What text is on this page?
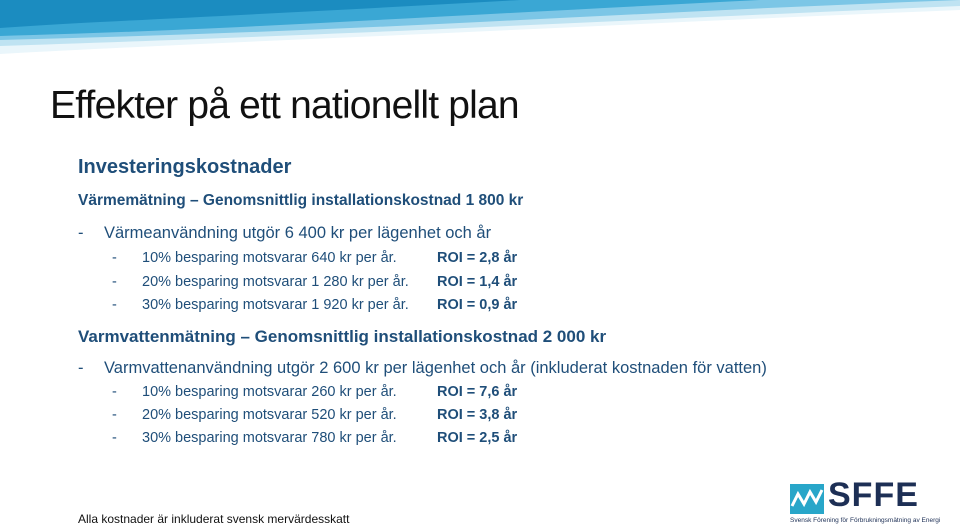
Effekter på ett nationellt plan
Investeringskostnader
Värmemätning – Genomsnittlig installationskostnad 1 800 kr
- Värmeanvändning utgör 6 400 kr per lägenhet och år
- 10% besparing motsvarar 640 kr per år.	ROI = 2,8 år
- 20% besparing motsvarar 1 280 kr per år. ROI = 1,4 år
- 30% besparing motsvarar 1 920 kr per år. ROI = 0,9 år
Varmvattenmätning – Genomsnittlig installationskostnad 2 000 kr
- Varmvattenanvändning utgör 2 600 kr per lägenhet och år (inkluderat kostnaden för vatten)
- 10% besparing motsvarar 260 kr per år.	ROI = 7,6 år
- 20% besparing motsvarar 520 kr per år.	ROI = 3,8 år
- 30% besparing motsvarar 780 kr per år.	ROI = 2,5 år
Alla kostnader är inkluderat svensk mervärdesskatt
SFFE
Svensk Förening för Förbrukningsmätning av Energi
